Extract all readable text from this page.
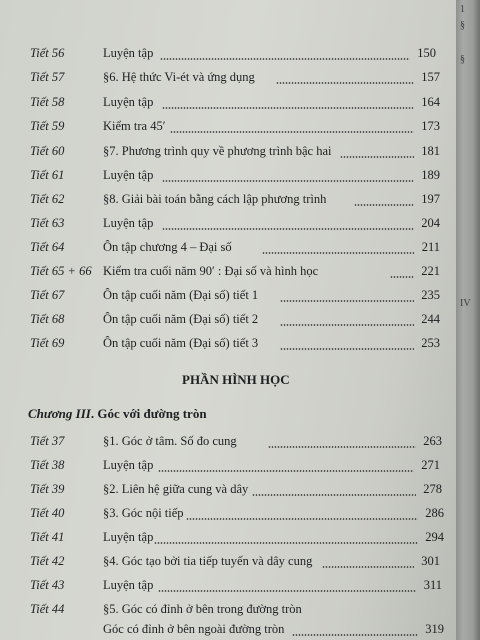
Tiết 56	Luyện tập	150
Tiết 57	§6. Hệ thức Vi-ét và ứng dụng	157
Tiết 58	Luyện tập	164
Tiết 59	Kiểm tra 45′	173
Tiết 60	§7. Phương trình quy về phương trình bậc hai	181
Tiết 61	Luyện tập	189
Tiết 62	§8. Giải bài toán bằng cách lập phương trình	197
Tiết 63	Luyện tập	204
Tiết 64	Ôn tập chương 4 – Đại số	211
Tiết 65 + 66 Kiểm tra cuối năm 90′ : Đại số và hình học	221
Tiết 67	Ôn tập cuối năm (Đại số) tiết 1	235
Tiết 68	Ôn tập cuối năm (Đại số) tiết 2	244
Tiết 69	Ôn tập cuối năm (Đại số) tiết 3	253
PHẦN HÌNH HỌC
Chương III. Góc với đường tròn
Tiết 37	§1. Góc ở tâm. Số đo cung	263
Tiết 38	Luyện tập	271
Tiết 39	§2. Liên hệ giữa cung và dây	278
Tiết 40	§3. Góc nội tiếp	286
Tiết 41	Luyện tập	294
Tiết 42	§4. Góc tạo bởi tia tiếp tuyến và dây cung	301
Tiết 43	Luyện tập	311
Tiết 44	§5. Góc có đỉnh ở bên trong đường tròn
Góc có đỉnh ở bên ngoài đường tròn	319
1
§
§
IV
